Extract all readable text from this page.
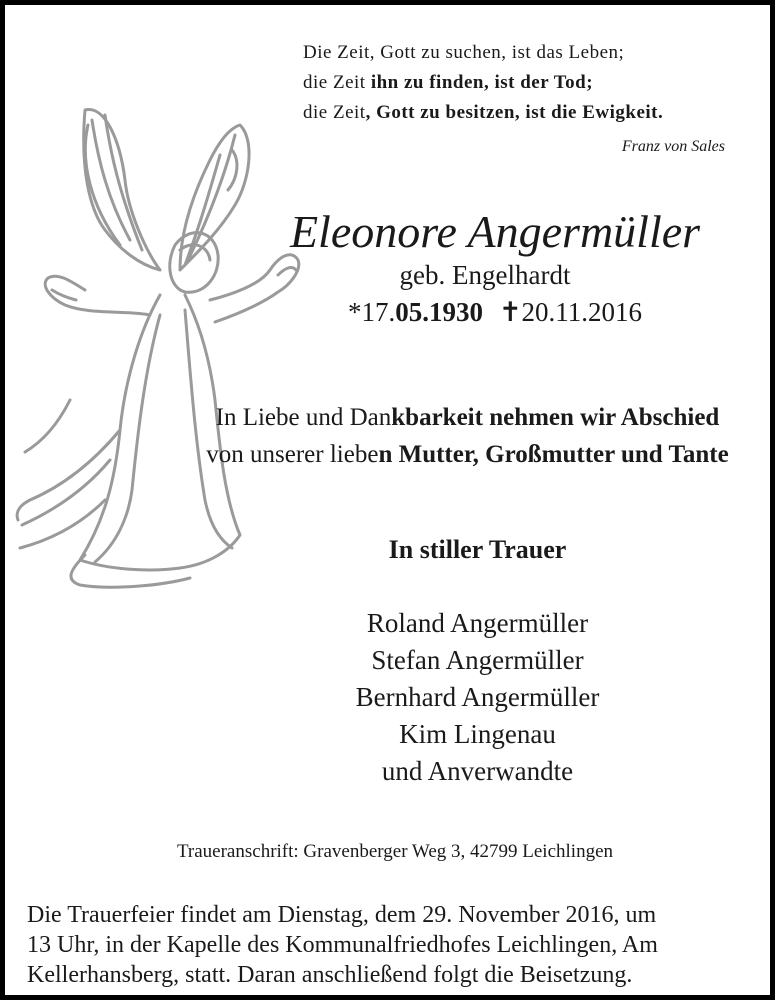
Die Zeit, Gott zu suchen, ist das Leben;
die Zeit ihn zu finden, ist der Tod;
die Zeit, Gott zu besitzen, ist die Ewigkeit.
Franz von Sales
Eleonore Angermüller
geb. Engelhardt
*17.05.1930 ✝20.11.2016
In Liebe und Dankbarkeit nehmen wir Abschied
von unserer lieben Mutter, Großmutter und Tante
In stiller Trauer
Roland Angermüller
Stefan Angermüller
Bernhard Angermüller
Kim Lingenau
und Anverwandte
Traueranschrift: Gravenberger Weg 3, 42799 Leichlingen
Die Trauerfeier findet am Dienstag, dem 29. November 2016, um
13 Uhr, in der Kapelle des Kommunalfriedhofes Leichlingen, Am
Kellerhansberg, statt. Daran anschließend folgt die Beisetzung.
